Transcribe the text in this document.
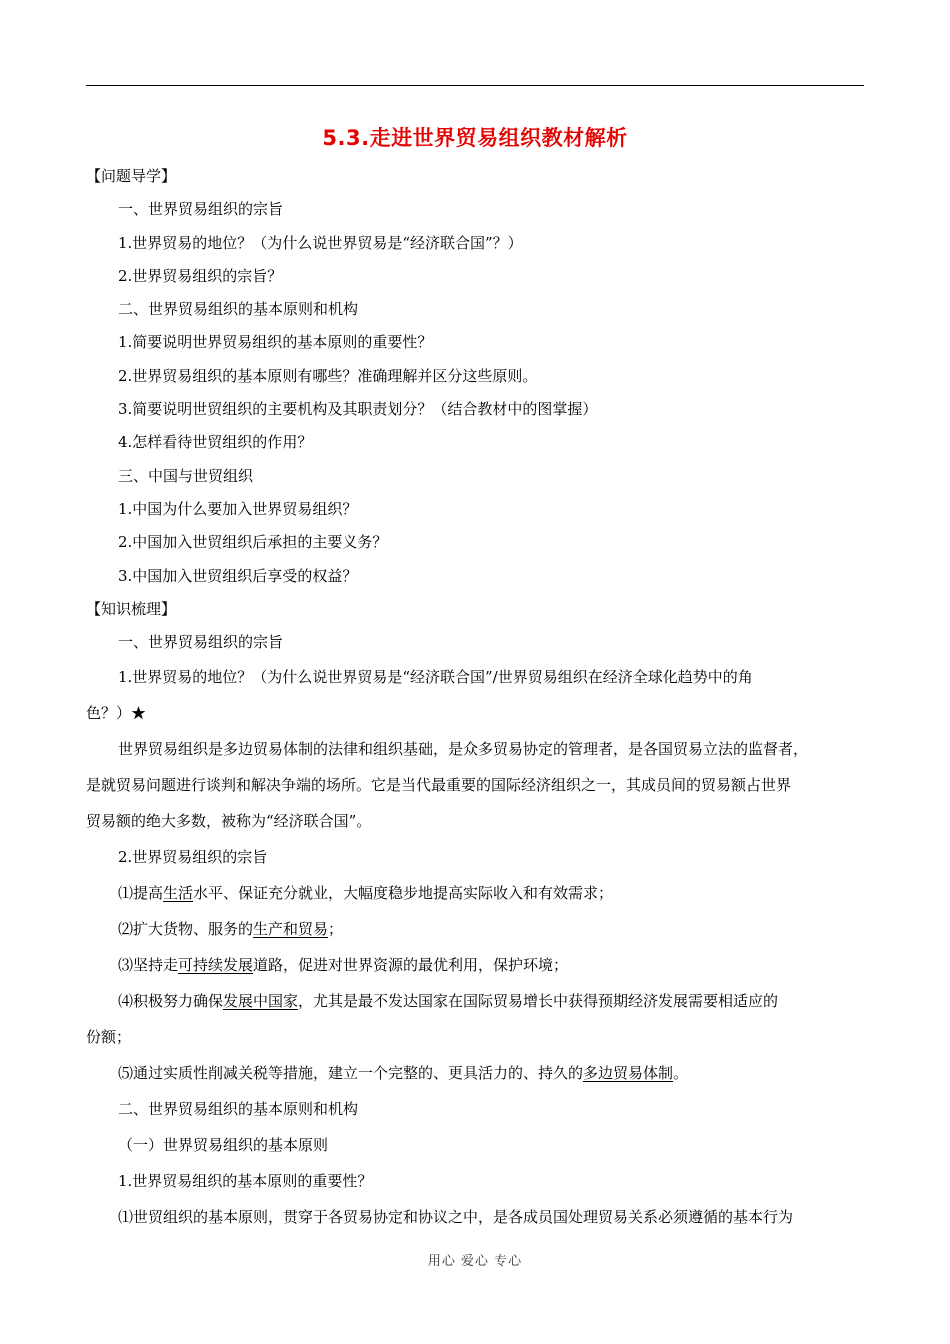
5.3.走进世界贸易组织教材解析
【问题导学】
一、世界贸易组织的宗旨
1.世界贸易的地位？（为什么说世界贸易是“经济联合国”？）
2.世界贸易组织的宗旨？
二、世界贸易组织的基本原则和机构
1.简要说明世界贸易组织的基本原则的重要性？
2.世界贸易组织的基本原则有哪些？准确理解并区分这些原则。
3.简要说明世贸组织的主要机构及其职责划分？（结合教材中的图掌握）
4.怎样看待世贸组织的作用？
三、中国与世贸组织
1.中国为什么要加入世界贸易组织？
2.中国加入世贸组织后承担的主要义务？
3.中国加入世贸组织后享受的权益？
【知识梳理】
一、世界贸易组织的宗旨
1.世界贸易的地位？（为什么说世界贸易是“经济联合国”/世界贸易组织在经济全球化趋势中的角
色？）★
世界贸易组织是多边贸易体制的法律和组织基础，是众多贸易协定的管理者，是各国贸易立法的监督者，
是就贸易问题进行谈判和解决争端的场所。它是当代最重要的国际经济组织之一，其成员间的贸易额占世界
贸易额的绝大多数，被称为“经济联合国”。
2.世界贸易组织的宗旨
⑴提高生活水平、保证充分就业，大幅度稳步地提高实际收入和有效需求；
⑵扩大货物、服务的生产和贸易；
⑶坚持走可持续发展道路，促进对世界资源的最优利用，保护环境；
⑷积极努力确保发展中国家，尤其是最不发达国家在国际贸易增长中获得预期经济发展需要相适应的
份额；
⑸通过实质性削减关税等措施，建立一个完整的、更具活力的、持久的多边贸易体制。
二、世界贸易组织的基本原则和机构
（一）世界贸易组织的基本原则
1.世界贸易组织的基本原则的重要性？
⑴世贸组织的基本原则，贯穿于各贸易协定和协议之中，是各成员国处理贸易关系必须遵循的基本行为
用心 爱心 专心
